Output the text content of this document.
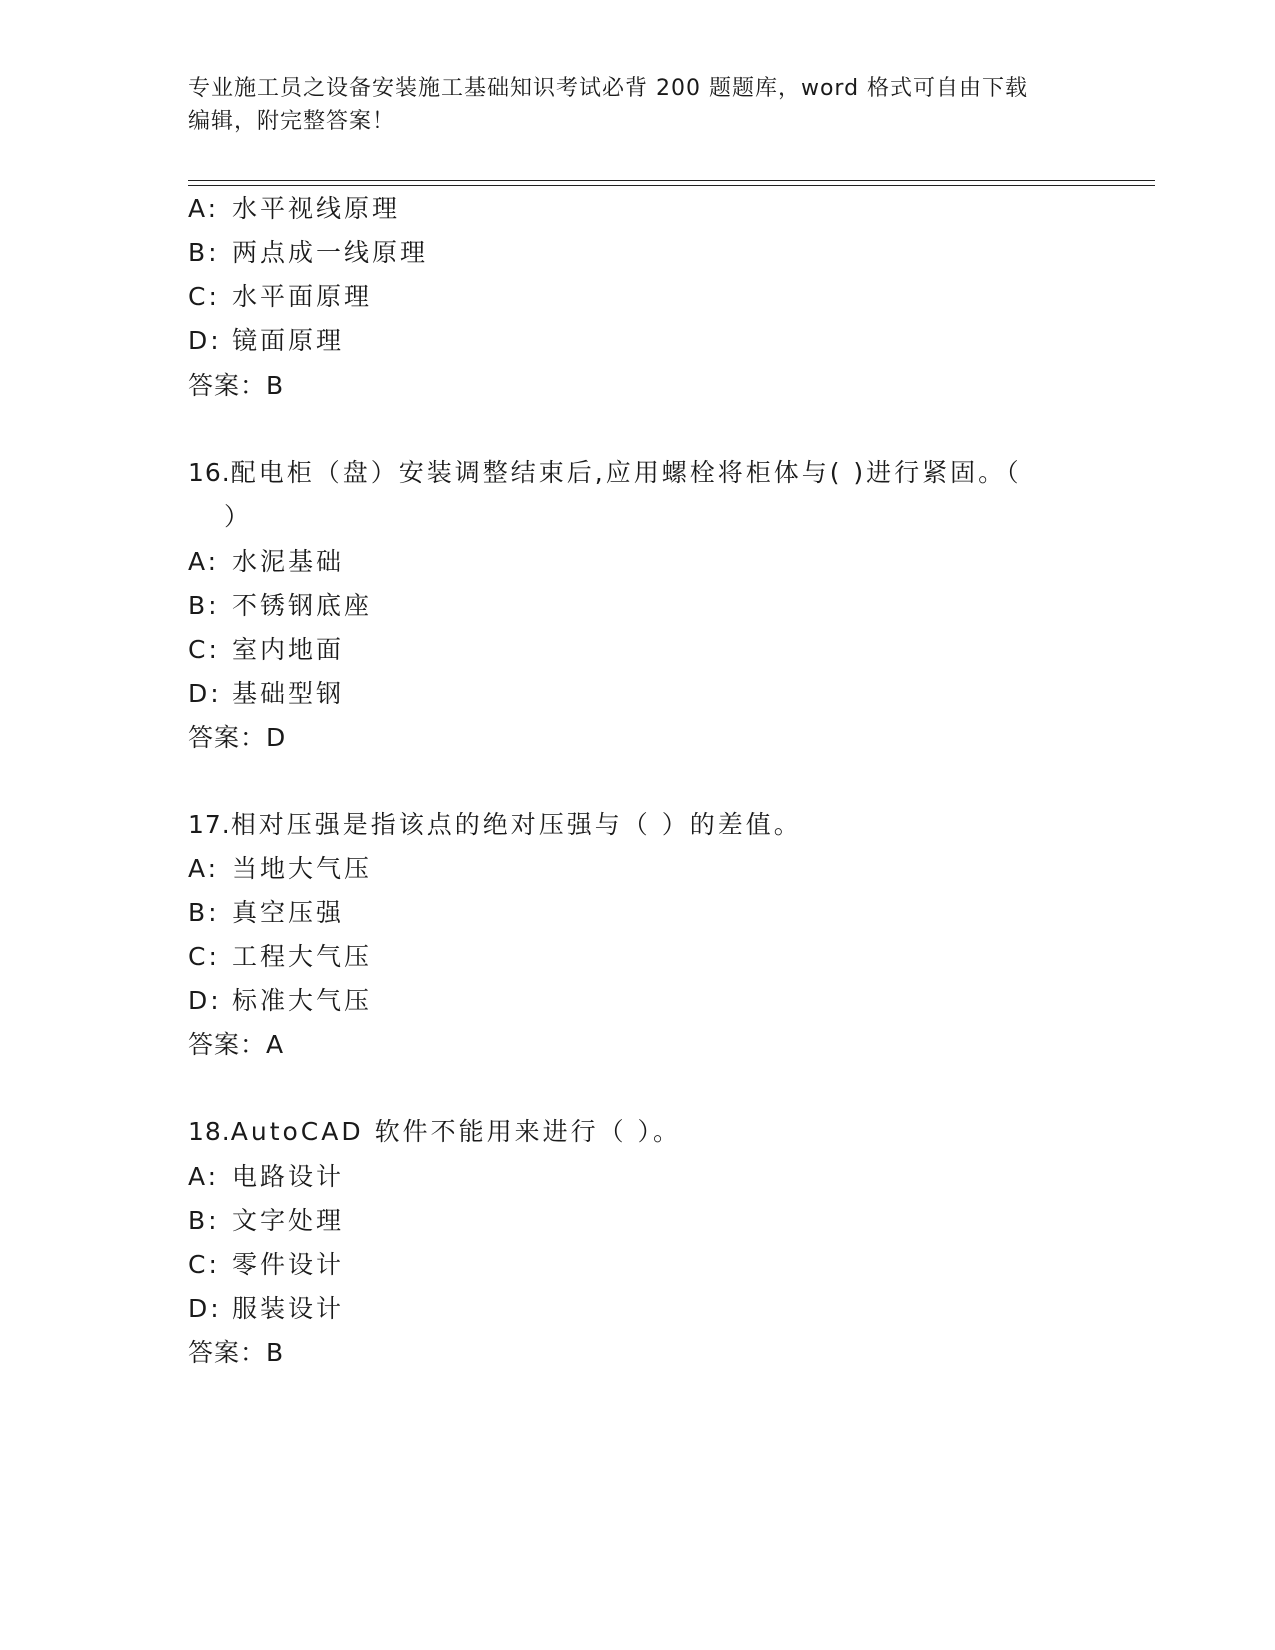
专业施工员之设备安装施工基础知识考试必背 200 题题库，word 格式可自由下载
编辑，附完整答案！
A: 水平视线原理
B: 两点成一线原理
C: 水平面原理
D: 镜面原理
答案：B
16.配电柜（盘）安装调整结束后,应用螺栓将柜体与( )进行紧固。（
）
A: 水泥基础
B: 不锈钢底座
C: 室内地面
D: 基础型钢
答案：D
17.相对压强是指该点的绝对压强与（ ）的差值。
A: 当地大气压
B: 真空压强
C: 工程大气压
D: 标准大气压
答案：A
18.AutoCAD 软件不能用来进行（ ）。
A: 电路设计
B: 文字处理
C: 零件设计
D: 服装设计
答案：B
